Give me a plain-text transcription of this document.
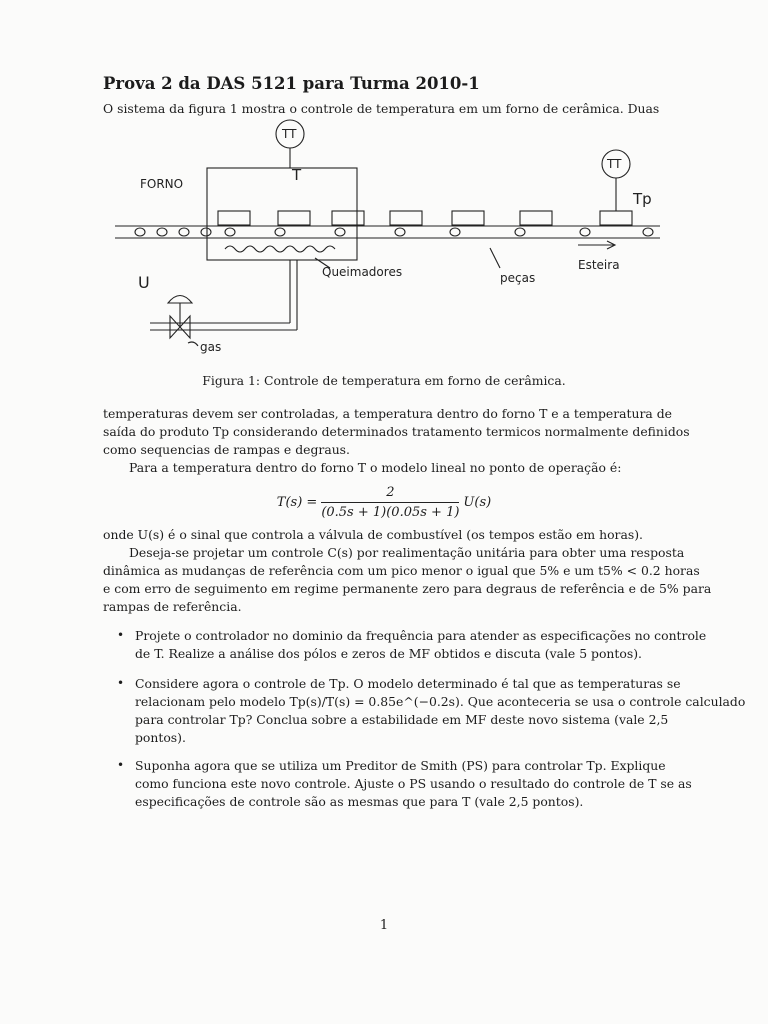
Prova 2 da DAS 5121 para Turma 2010-1
O sistema da figura 1 mostra o controle de temperatura em um forno de cerâmica. Duas
TT
TT
FORNO	T
Tp
Queimadores	peças
Esteira
U
gas
Figura 1: Controle de temperatura em forno de cerâmica.
temperaturas devem ser controladas, a temperatura dentro do forno T e a temperatura de
saída do produto Tp considerando determinados tratamento termicos normalmente definidos
como sequencias de rampas e degraus.
Para a temperatura dentro do forno T o modelo lineal no ponto de operação é:
$T(s) = \frac{2}{(0.5s + 1)(0.05s + 1)} U(s)$
onde U(s) é o sinal que controla a válvula de combustível (os tempos estão em horas).
Deseja-se projetar um controle C(s) por realimentação unitária para obter uma resposta
dinâmica as mudanças de referência com um pico menor o igual que 5% e um t5% < 0.2 horas
e com erro de seguimento em regime permanente zero para degraus de referência e de 5% para
rampas de referência.
• Projete o controlador no dominio da frequência para atender as especificações no controle
de T. Realize a análise dos pólos e zeros de MF obtidos e discuta (vale 5 pontos).
• Considere agora o controle de Tp. O modelo determinado é tal que as temperaturas se
relacionam pelo modelo Tp(s)/T(s) = 0.85e^(−0.2s). Que aconteceria se usa o controle calculado
para controlar Tp? Conclua sobre a estabilidade em MF deste novo sistema (vale 2,5
pontos).
• Suponha agora que se utiliza um Preditor de Smith (PS) para controlar Tp. Explique
como funciona este novo controle. Ajuste o PS usando o resultado do controle de T se as
especificações de controle são as mesmas que para T (vale 2,5 pontos).
1
